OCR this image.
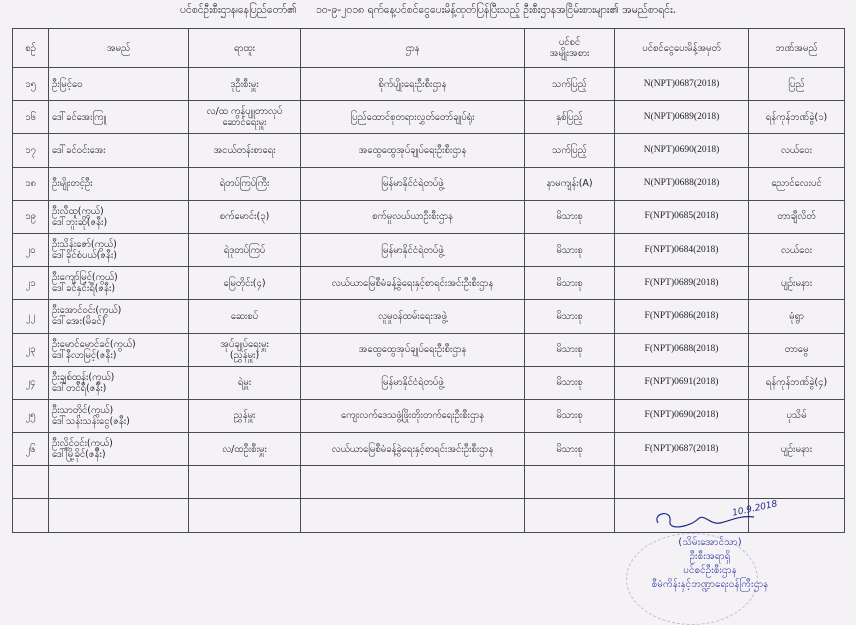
ပင်စင်ဦးစီးဌာန၊နေပြည်တော်၏ ၁၀-၉-၂၀၁၈ ရက်နေ့ပင်စင်ငွေပေးမိန့်ထုတ်ပြန်ပြီးသည့် ဦးစီးဌာနအငြိမ်းစားများ၏ အမည်စာရင်း.
စဉ်	အမည်	ရာထူး	ဌာန	ပင်စင်
အမျိုးအစား	ပင်စင်ငွေပေးမိန့်အမှတ်	ဘဏ်အမည်
၁၅	ဦးမြင့်ဝေ	ဒုဦးစီးမှူး	စိုက်ပျိုးရေးဦးစီးဌာန	သက်ပြည့်	N(NPT)0687(2018)	ပြည်
၁၆	ဒေါ်ခင်အေးကြူ	လ/ထ ကွန်ပျူတာလုပ်
ဆောင်ရေးမှူး	ပြည်ထောင်စုတရားလွှတ်တော်ချုပ်ရုံး	နှစ်ပြည့်	N(NPT)0689(2018)	ရန်ကုန်ဘဏ်ခွဲ(၁)
၁၇	ဒေါ်ခင်ဝင်းအေး	အငယ်တန်းစာရေး	အထွေထွေအုပ်ချုပ်ရေးဦးစီးဌာန	သက်ပြည့်	N(NPT)0690(2018)	လယ်ဝေး
၁၈	ဦးမျိုးတင့်ဦး	ရဲတပ်ကြပ်ကြီး	မြန်မာနိုင်ငံရဲတပ်ဖွဲ့	နာမကျန်း(A)	N(NPT)0688(2018)	ညောင်လေးပင်
၁၉	ဦးလီထူ(ကွယ်)
ဒေါ်ဘူးဆို(ဇနီး)	စက်မောင်း(၃)	စက်မှုလယ်ယာဦးစီးဌာန	မိသားစု	F(NPT)0685(2018)	တာချီလိတ်
၂၀	ဦးသိန်းဇော်(ကွယ်)
ဒေါ်ခိုင်စံပယ်(ဇနီး)	ရဲဒုတပ်ကြပ်	မြန်မာနိုင်ငံရဲတပ်ဖွဲ့	မိသားစု	F(NPT)0684(2018)	လယ်ဝေး
၂၁	ဦးကျော်မြင့်(ကွယ်)
ဒေါ်ခင်နှင်းရီ(ဇနီး)	မြေတိုင်း(၄)	လယ်ယာမြေစီမံခန့်ခွဲရေးနှင့်စာရင်းအင်းဦးစီးဌာန	မိသားစု	F(NPT)0689(2018)	ပျဉ်းမနား
၂၂	ဦးအောင်ဝင်း(ကွယ်)
ဒေါ်အေး(မိခင်)	ဆေးစပ်	လူမှုဝန်ထမ်းရေးအဖွဲ့	မိသားစု	F(NPT)0686(2018)	မုံရွာ
၂၃	ဦးမောင်မောင်ခင်(ကွယ်)
ဒေါ်နီလာမြင့်(ဇနီး)	အုပ်ချုပ်ရေးမှူး
(ညွှန်မှူး)	အထွေထွေအုပ်ချုပ်ရေးဦးစီးဌာန	မိသားစု	F(NPT)0688(2018)	တာမွေ
၂၄	ဦးချစ်ထွန်း(ကွယ်)
ဒေါ်တင်ရီ(ဇနီး)	ရဲမှူး	မြန်မာနိုင်ငံရဲတပ်ဖွဲ့	မိသားစု	F(NPT)0691(2018)	ရန်ကုန်ဘဏ်ခွဲ(၄)
၂၅	ဦးသာတိုင်(ကွယ်)
ဒေါ်သန်းသန်းငွေ(ဇနီး)	ညွှန်မှူး	ကျေးလက်ဒေသဖွံ့ဖြိုးတိုးတက်ရေးဦးစီးဌာန	မိသားစု	F(NPT)0690(2018)	ပုသိမ်
၂၆	ဦးလှိုင်ဝင်း(ကွယ်)
ဒေါ်မြို့ခိုင်(ဇနီး)	လ/ထဦးစီးမှူး	လယ်ယာမြေစီမံခန့်ခွဲရေးနှင့်စာရင်းအင်းဦးစီးဌာန	မိသားစု	F(NPT)0687(2018)	ပျဉ်းမနား

10.9.2018
(သိမ်းအောင်သာ)
ဦးစီးအရာရှိ
ပင်စင်ဦးစီးဌာန
စီမံကိန်းနှင့်ဘဏ္ဍာရေးဝန်ကြီးဌာန
